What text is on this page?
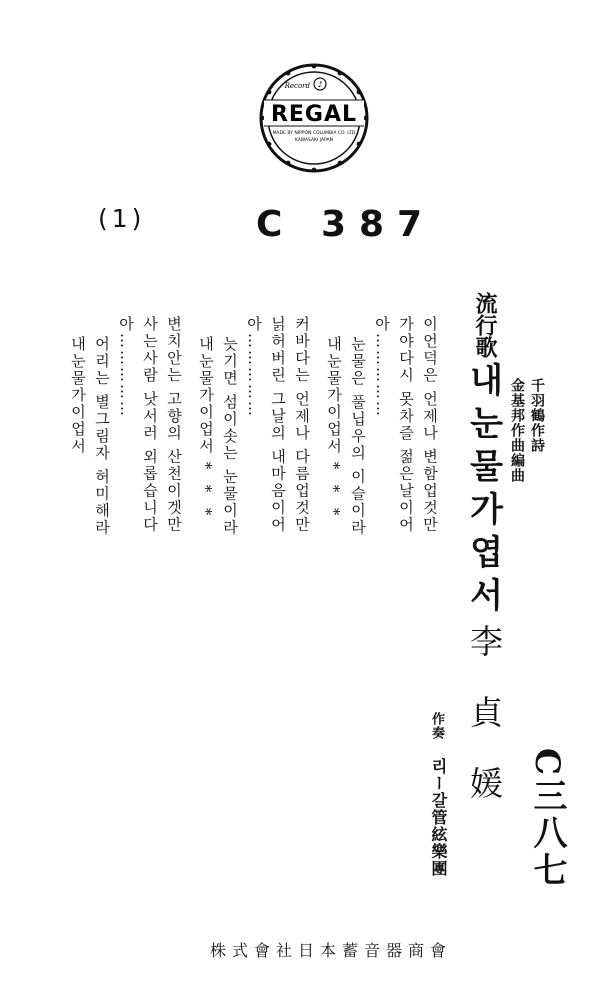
Record ♪
REGAL
MADE BY NIPPON COLUMBIA CO. LTD
KAWASAKI JAPAN
(1)	C 387
千羽鶴作詩
金基邦作曲編曲
流行歌
내눈물가엽서
이언덕은 언제나 변함업것만
가야다시 못차즐 젊은날이어
아……………
눈물은 풀닙우의 이슬이라
내눈물가이업서 *  *  *
커바다는 언제나 다름업것만
닑허버린 그날의 내마음이어
아……………
늣기면 섬이솟는 눈물이라
내눈물가이업서 *  *  *
변치안는 고향의 산천이겟만
사는사람 낫서러 외롭습니다
아……………
어리는 별그림자 허미해라
내눈물가이업서
李貞媛
作奏
리ー갈管絃樂團 C三八七
株式會社日本蓄音器商會
